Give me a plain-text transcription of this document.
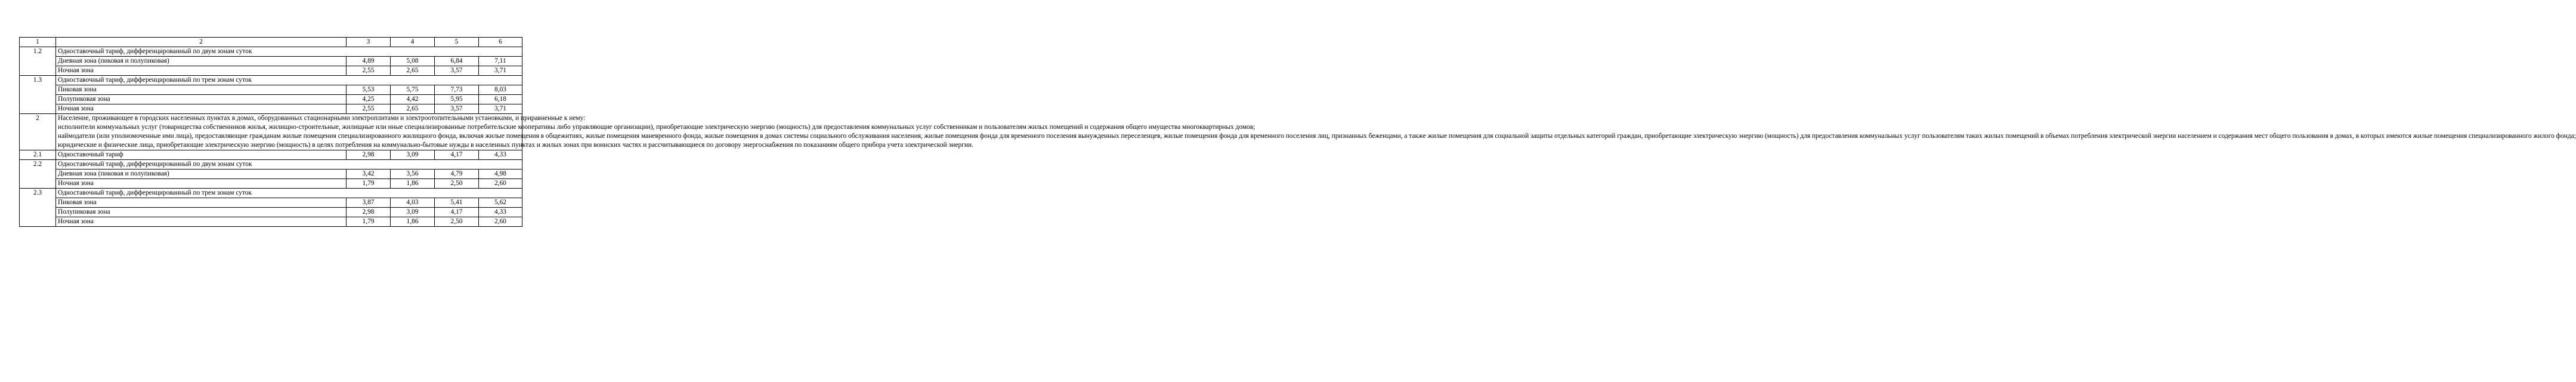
1	2	3	4	5	6
1.2	Одноставочный тариф, дифференцированный по двум зонам суток				
	Дневная зона (пиковая и полупиковая)	4,89	5,08	6,84	7,11
	Ночная зона	2,55	2,65	3,57	3,71
1.3	Одноставочный тариф, дифференцированный по трем зонам суток				
	Пиковая зона	5,53	5,75	7,73	8,03
	Полупиковая зона	4,25	4,42	5,95	6,18
	Ночная зона	2,55	2,65	3,57	3,71
2	Население, проживающее в городских населенных пунктах в домах, оборудованных стационарными электроплитами и электроотопительными установками, и приравненные к нему:
исполнители коммунальных услуг (товарищества собственников жилья, жилищно-строительные, жилищные или иные специализированные потребительские кооперативы либо управляющие организации), приобретающие электрическую энергию (мощность) для предоставления коммунальных услуг собственникам и пользователям жилых помещений и содержания общего имущества многоквартирных домов;
наймодатели (или уполномоченные ими лица), предоставляющие гражданам жилые помещения специализированного жилищного фонда, включая жилые помещения в общежитиях, жилые помещения маневренного фонда, жилые помещения в домах системы социального обслуживания населения, жилые помещения фонда для временного поселения вынужденных переселенцев, жилые помещения фонда для временного поселения лиц, признанных беженцами, а также жилые помещения для социальной защиты отдельных категорий граждан, приобретающие электрическую энергию (мощность) для предоставления коммунальных услуг пользователям таких жилых помещений в объемах потребления электрической энергии населением и содержания мест общего пользования в домах, в которых имеются жилые помещения специализированного жилого фонда;
юридические и физические лица, приобретающие электрическую энергию (мощность) в целях потребления на коммунально-бытовые нужды в населенных пунктах и жилых зонах при воинских частях и рассчитывающиеся по договору энергоснабжения по показаниям общего прибора учета электрической энергии.				

2.1	Одноставочный тариф	2,98	3,09	4,17	4,33
2.2	Одноставочный тариф, дифференцированный по двум зонам суток				
	Дневная зона (пиковая и полупиковая)	3,42	3,56	4,79	4,98
	Ночная зона	1,79	1,86	2,50	2,60
2.3	Одноставочный тариф, дифференцированный по трем зонам суток				
	Пиковая зона	3,87	4,03	5,41	5,62
	Полупиковая зона	2,98	3,09	4,17	4,33
	Ночная зона	1,79	1,86	2,50	2,60
